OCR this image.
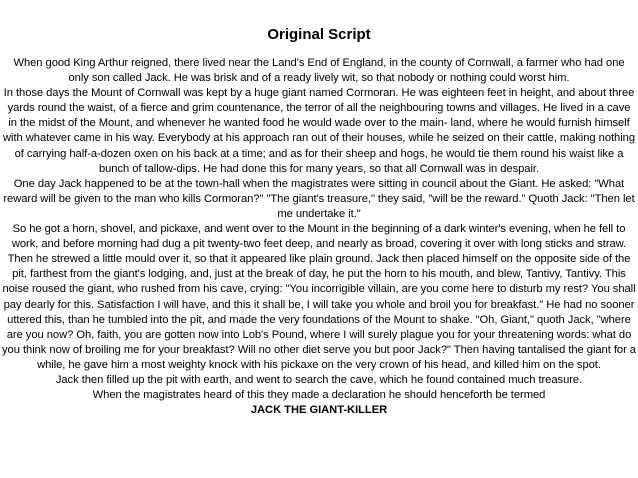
Original Script

When good King Arthur reigned, there lived near the Land's End of England, in the county of Cornwall, a farmer who had one only son called Jack. He was brisk and of a ready lively wit, so that nobody or nothing could worst him.

In those days the Mount of Cornwall was kept by a huge giant named Cormoran. He was eighteen feet in height, and about three yards round the waist, of a fierce and grim countenance, the terror of all the neighbouring towns and villages. He lived in a cave in the midst of the Mount, and whenever he wanted food he would wade over to the main- land, where he would furnish himself with whatever came in his way. Everybody at his approach ran out of their houses, while he seized on their cattle, making nothing of carrying half-a-dozen oxen on his back at a time; and as for their sheep and hogs, he would tie them round his waist like a bunch of tallow-dips. He had done this for many years, so that all Cornwall was in despair.

One day Jack happened to be at the town-hall when the magistrates were sitting in council about the Giant. He asked: "What reward will be given to the man who kills Cormoran?" "The giant's treasure," they said, "will be the reward." Quoth Jack: "Then let me undertake it."

So he got a horn, shovel, and pickaxe, and went over to the Mount in the beginning of a dark winter's evening, when he fell to work, and before morning had dug a pit twenty-two feet deep, and nearly as broad, covering it over with long sticks and straw. Then he strewed a little mould over it, so that it appeared like plain ground. Jack then placed himself on the opposite side of the pit, farthest from the giant's lodging, and, just at the break of day, he put the horn to his mouth, and blew, Tantivy, Tantivy. This noise roused the giant, who rushed from his cave, crying: "You incorrigible villain, are you come here to disturb my rest? You shall pay dearly for this. Satisfaction I will have, and this it shall be, I will take you whole and broil you for breakfast." He had no sooner uttered this, than he tumbled into the pit, and made the very foundations of the Mount to shake. "Oh, Giant," quoth Jack, "where are you now? Oh, faith, you are gotten now into Lob's Pound, where I will surely plague you for your threatening words: what do you think now of broiling me for your breakfast? Will no other diet serve you but poor Jack?" Then having tantalised the giant for a while, he gave him a most weighty knock with his pickaxe on the very crown of his head, and killed him on the spot.

Jack then filled up the pit with earth, and went to search the cave, which he found contained much treasure.

When the magistrates heard of this they made a declaration he should henceforth be termed

JACK THE GIANT-KILLER
